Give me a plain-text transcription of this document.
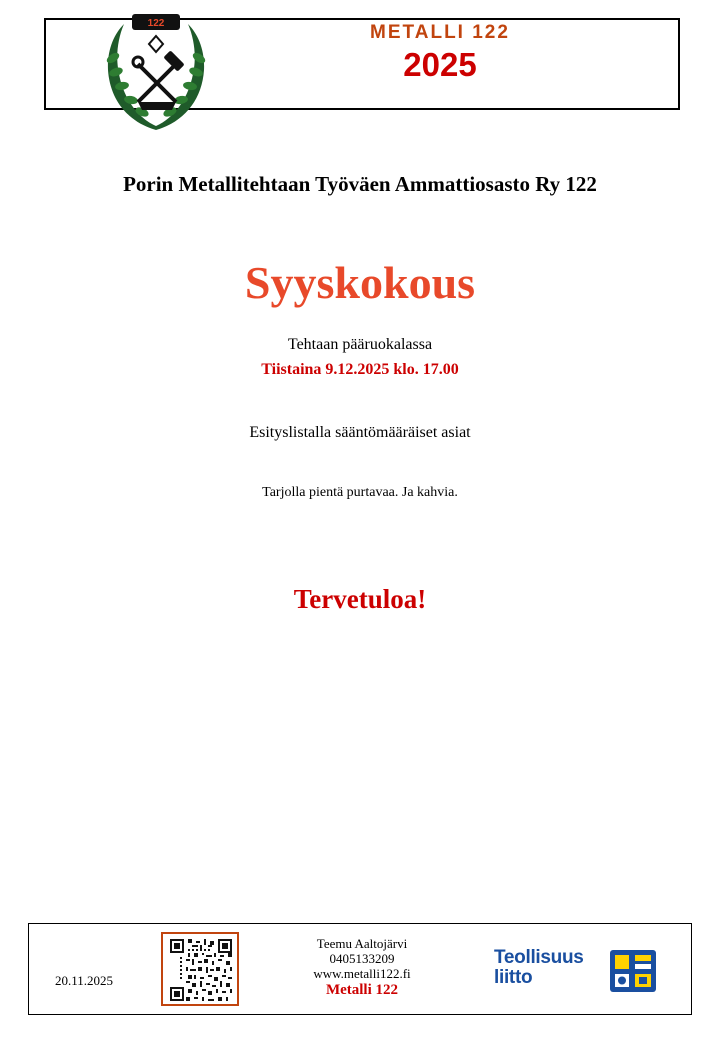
122	METALLI 122
2025
Porin Metallitehtaan Työväen Ammattiosasto Ry 122
Syyskokous
Tehtaan pääruokalassa
Tiistaina 9.12.2025 klo. 17.00
Esityslistalla sääntömääräiset asiat
Tarjolla pientä purtavaa. Ja kahvia.
Tervetuloa!
20.11.2025
Teemu Aaltojärvi
0405133209
www.metalli122.fi
Metalli 122
Teollisuus
liitto
